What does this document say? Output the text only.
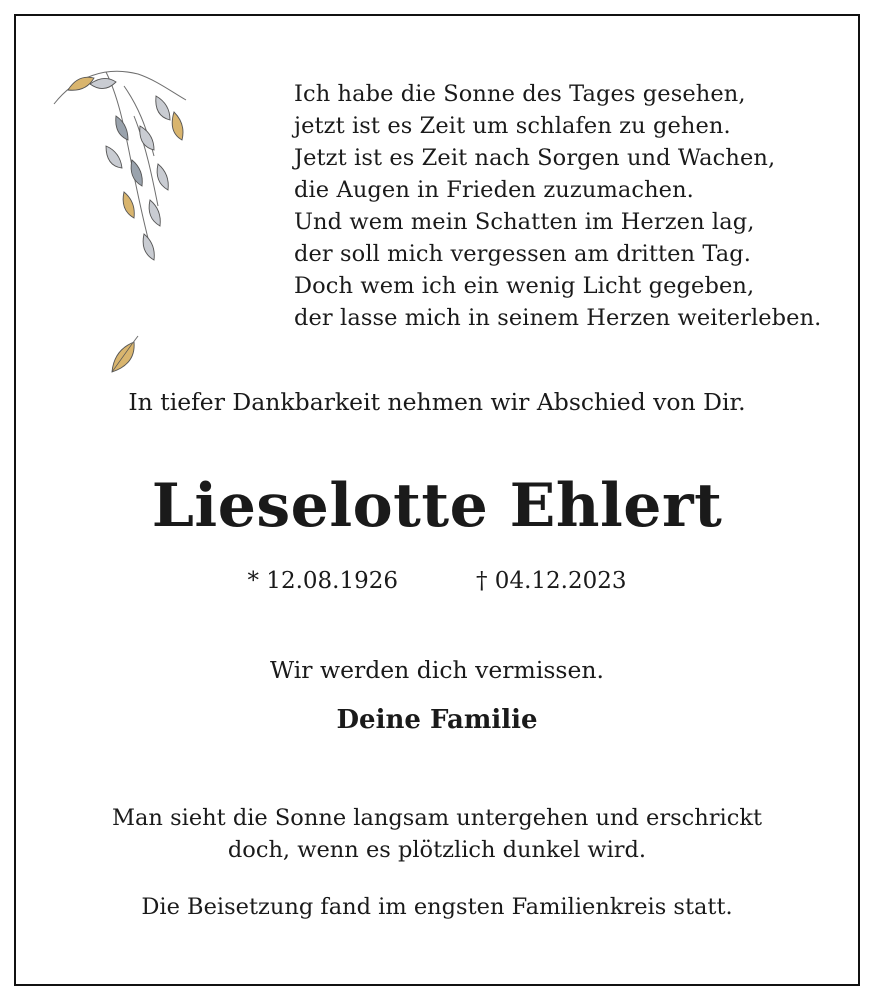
Ich habe die Sonne des Tages gesehen,
jetzt ist es Zeit um schlafen zu gehen.
Jetzt ist es Zeit nach Sorgen und Wachen,
die Augen in Frieden zuzumachen.
Und wem mein Schatten im Herzen lag,
der soll mich vergessen am dritten Tag.
Doch wem ich ein wenig Licht gegeben,
der lasse mich in seinem Herzen weiterleben.
In tiefer Dankbarkeit nehmen wir Abschied von Dir.
Lieselotte Ehlert
* 12.08.1926	† 04.12.2023
Wir werden dich vermissen.
Deine Familie
Man sieht die Sonne langsam untergehen und erschrickt
doch, wenn es plötzlich dunkel wird.
Die Beisetzung fand im engsten Familienkreis statt.
